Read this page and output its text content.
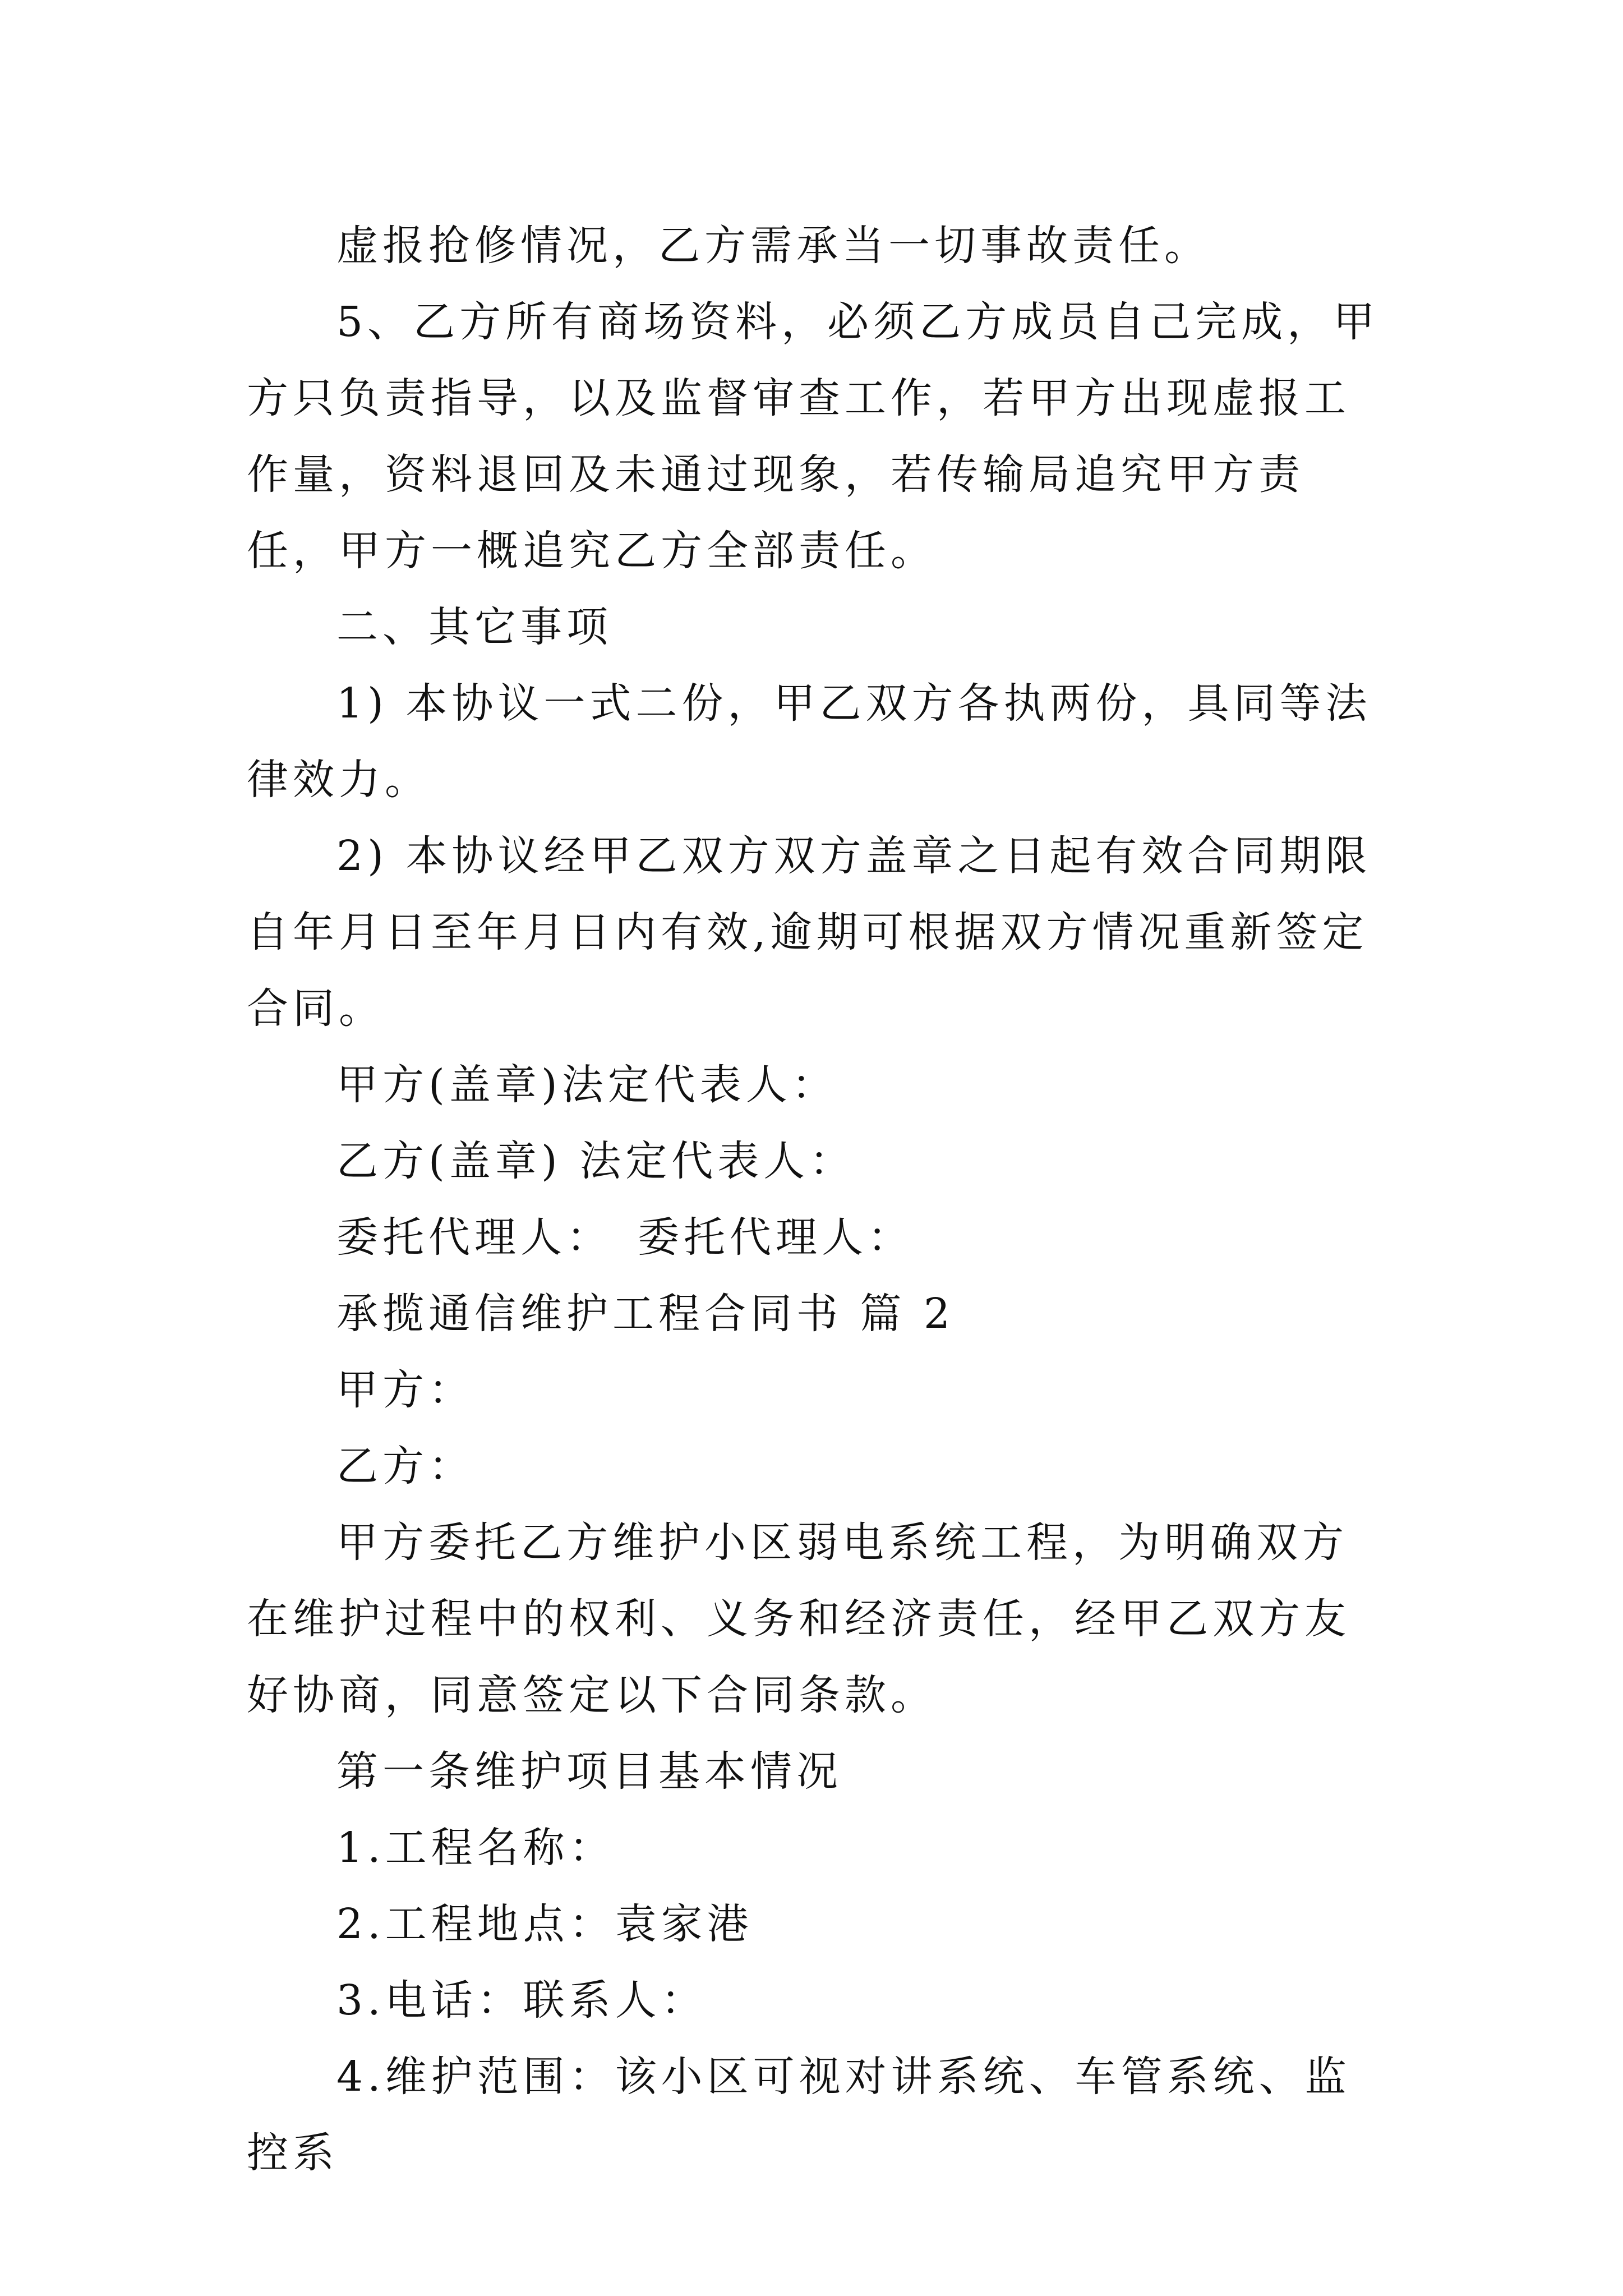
虚报抢修情况，乙方需承当一切事故责任。

5、乙方所有商场资料，必须乙方成员自己完成，甲方只负责指导，以及监督审查工作，若甲方出现虚报工作量，资料退回及未通过现象，若传输局追究甲方责任，甲方一概追究乙方全部责任。

二、其它事项

1) 本协议一式二份，甲乙双方各执两份，具同等法律效力。

2) 本协议经甲乙双方双方盖章之日起有效合同期限自年月日至年月日内有效,逾期可根据双方情况重新签定合同。

甲方(盖章)法定代表人：

乙方(盖章) 法定代表人：

委托代理人：　委托代理人：

承揽通信维护工程合同书 篇 2

甲方：

乙方：

甲方委托乙方维护小区弱电系统工程，为明确双方在维护过程中的权利、义务和经济责任，经甲乙双方友好协商，同意签定以下合同条款。

第一条维护项目基本情况

1.工程名称：

2.工程地点：袁家港

3.电话：联系人：

4.维护范围：该小区可视对讲系统、车管系统、监控系
